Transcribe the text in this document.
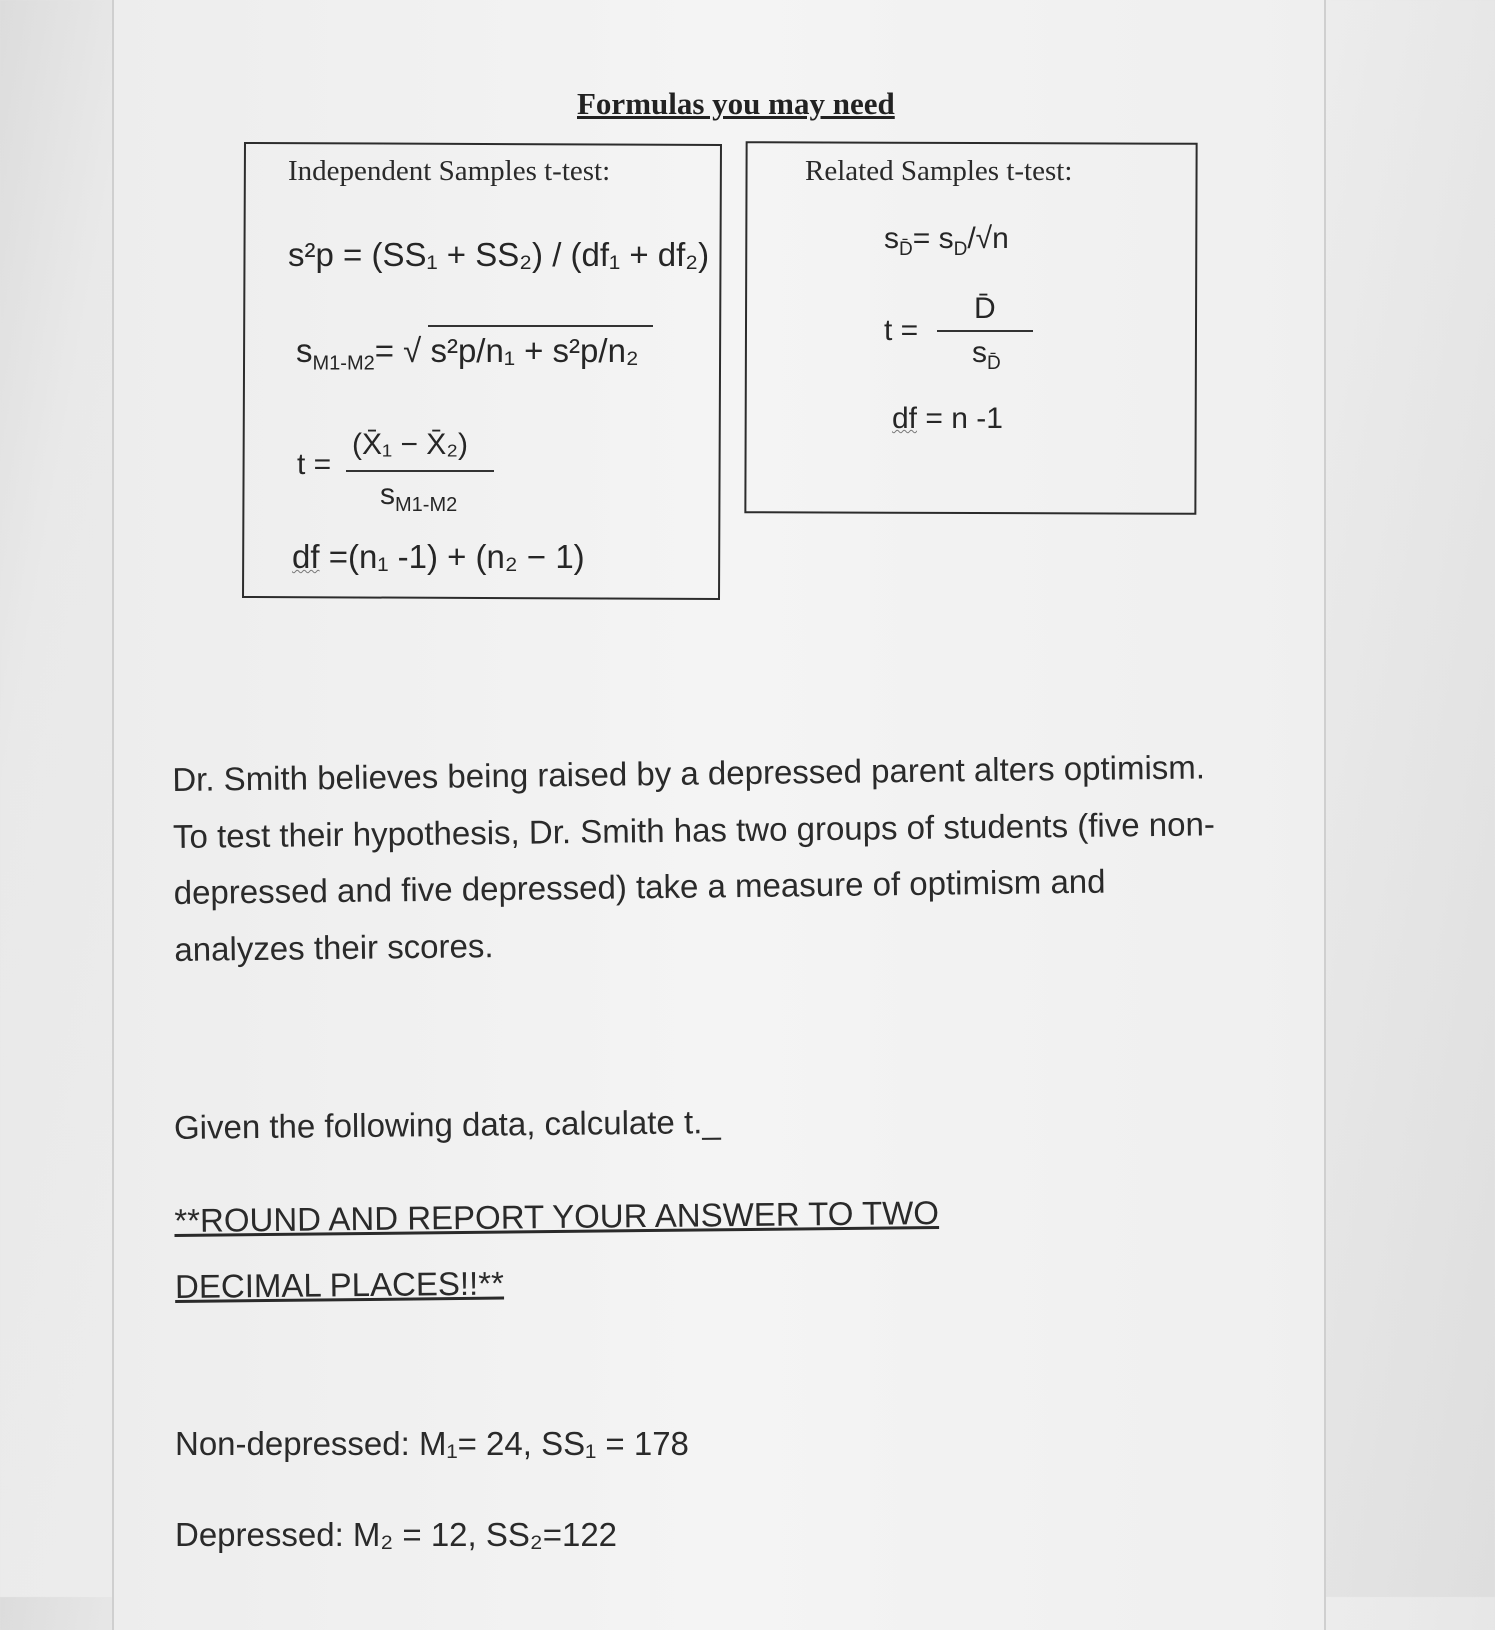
Formulas you may need
Independent Samples t-test:
s²p = (SS₁ + SS₂) / (df₁ + df₂)
$s_{M1-M2}=$ √ s²p/n₁ + s²p/n₂
t =
(X̄₁ − X̄₂)
$s_{M1-M2}$
df =(n₁ -1) + (n₂ − 1)
Related Samples t-test:
$s_{D̄}= s_D/√n$
t =
D̄
$s_{D̄}$
df = n -1
Dr. Smith believes being raised by a depressed parent alters optimism. To test their hypothesis, Dr. Smith has two groups of students (five non-depressed and five depressed) take a measure of optimism and analyzes their scores.
Given the following data, calculate t._
**ROUND AND REPORT YOUR ANSWER TO TWO DECIMAL PLACES!!**
Non-depressed: M₁= 24, SS₁ = 178
Depressed: M₂ = 12, SS₂=122
